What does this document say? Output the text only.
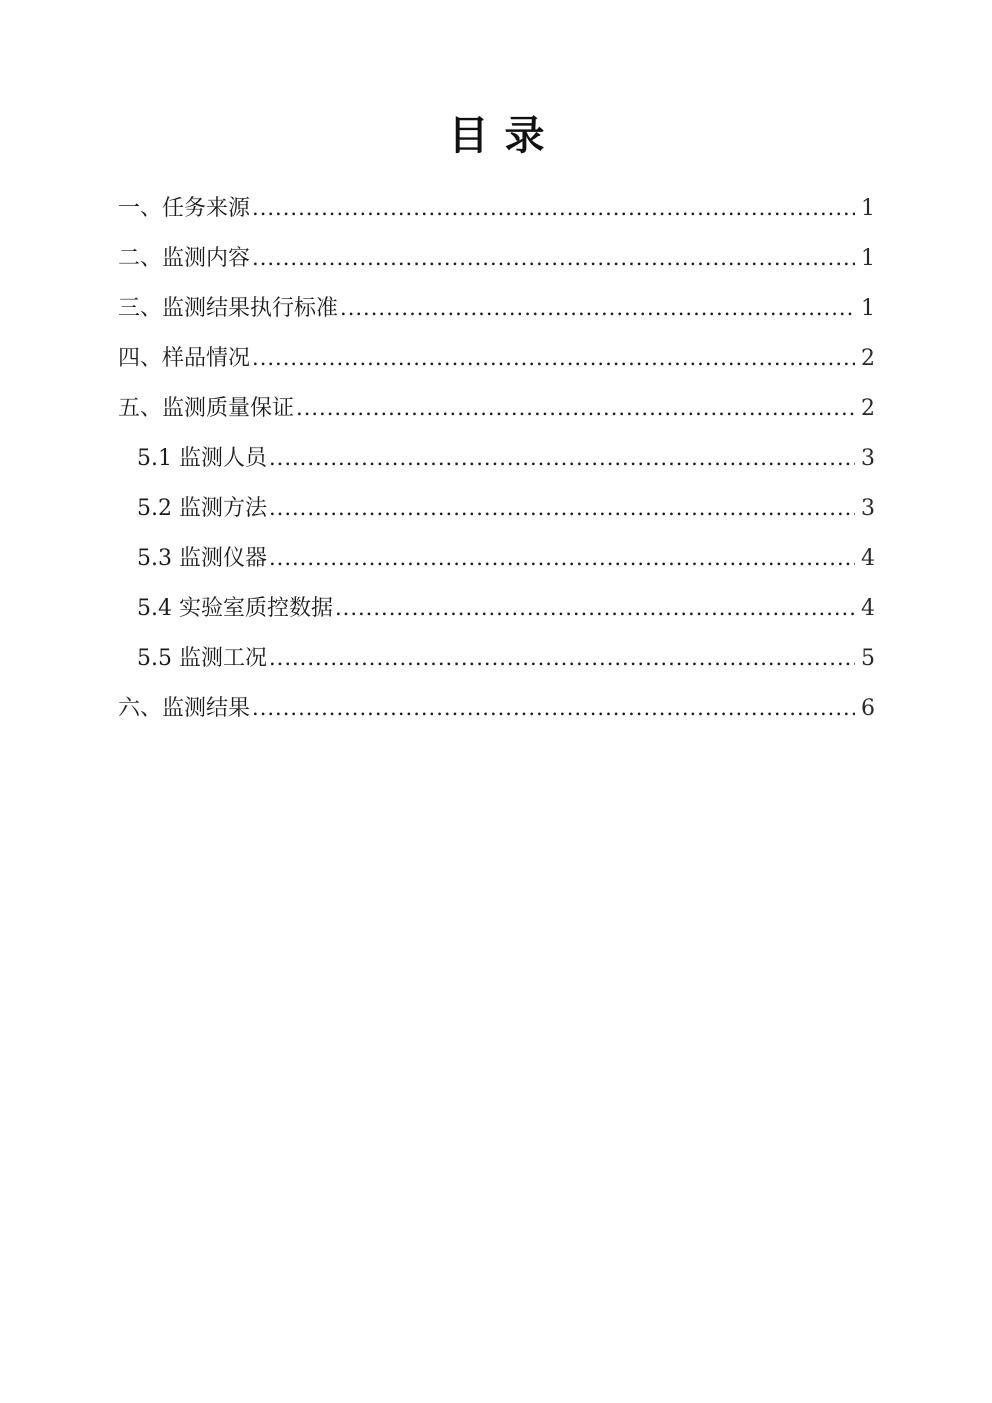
目录
一、任务来源 .....	1
二、监测内容 .....	1
三、监测结果执行标准 .....	1
四、样品情况 .....	2
五、监测质量保证 .....	2
5.1 监测人员 .....	3
5.2 监测方法 .....	3
5.3 监测仪器 .....	4
5.4 实验室质控数据 .....	4
5.5 监测工况 .....	5
六、监测结果 .....	6
